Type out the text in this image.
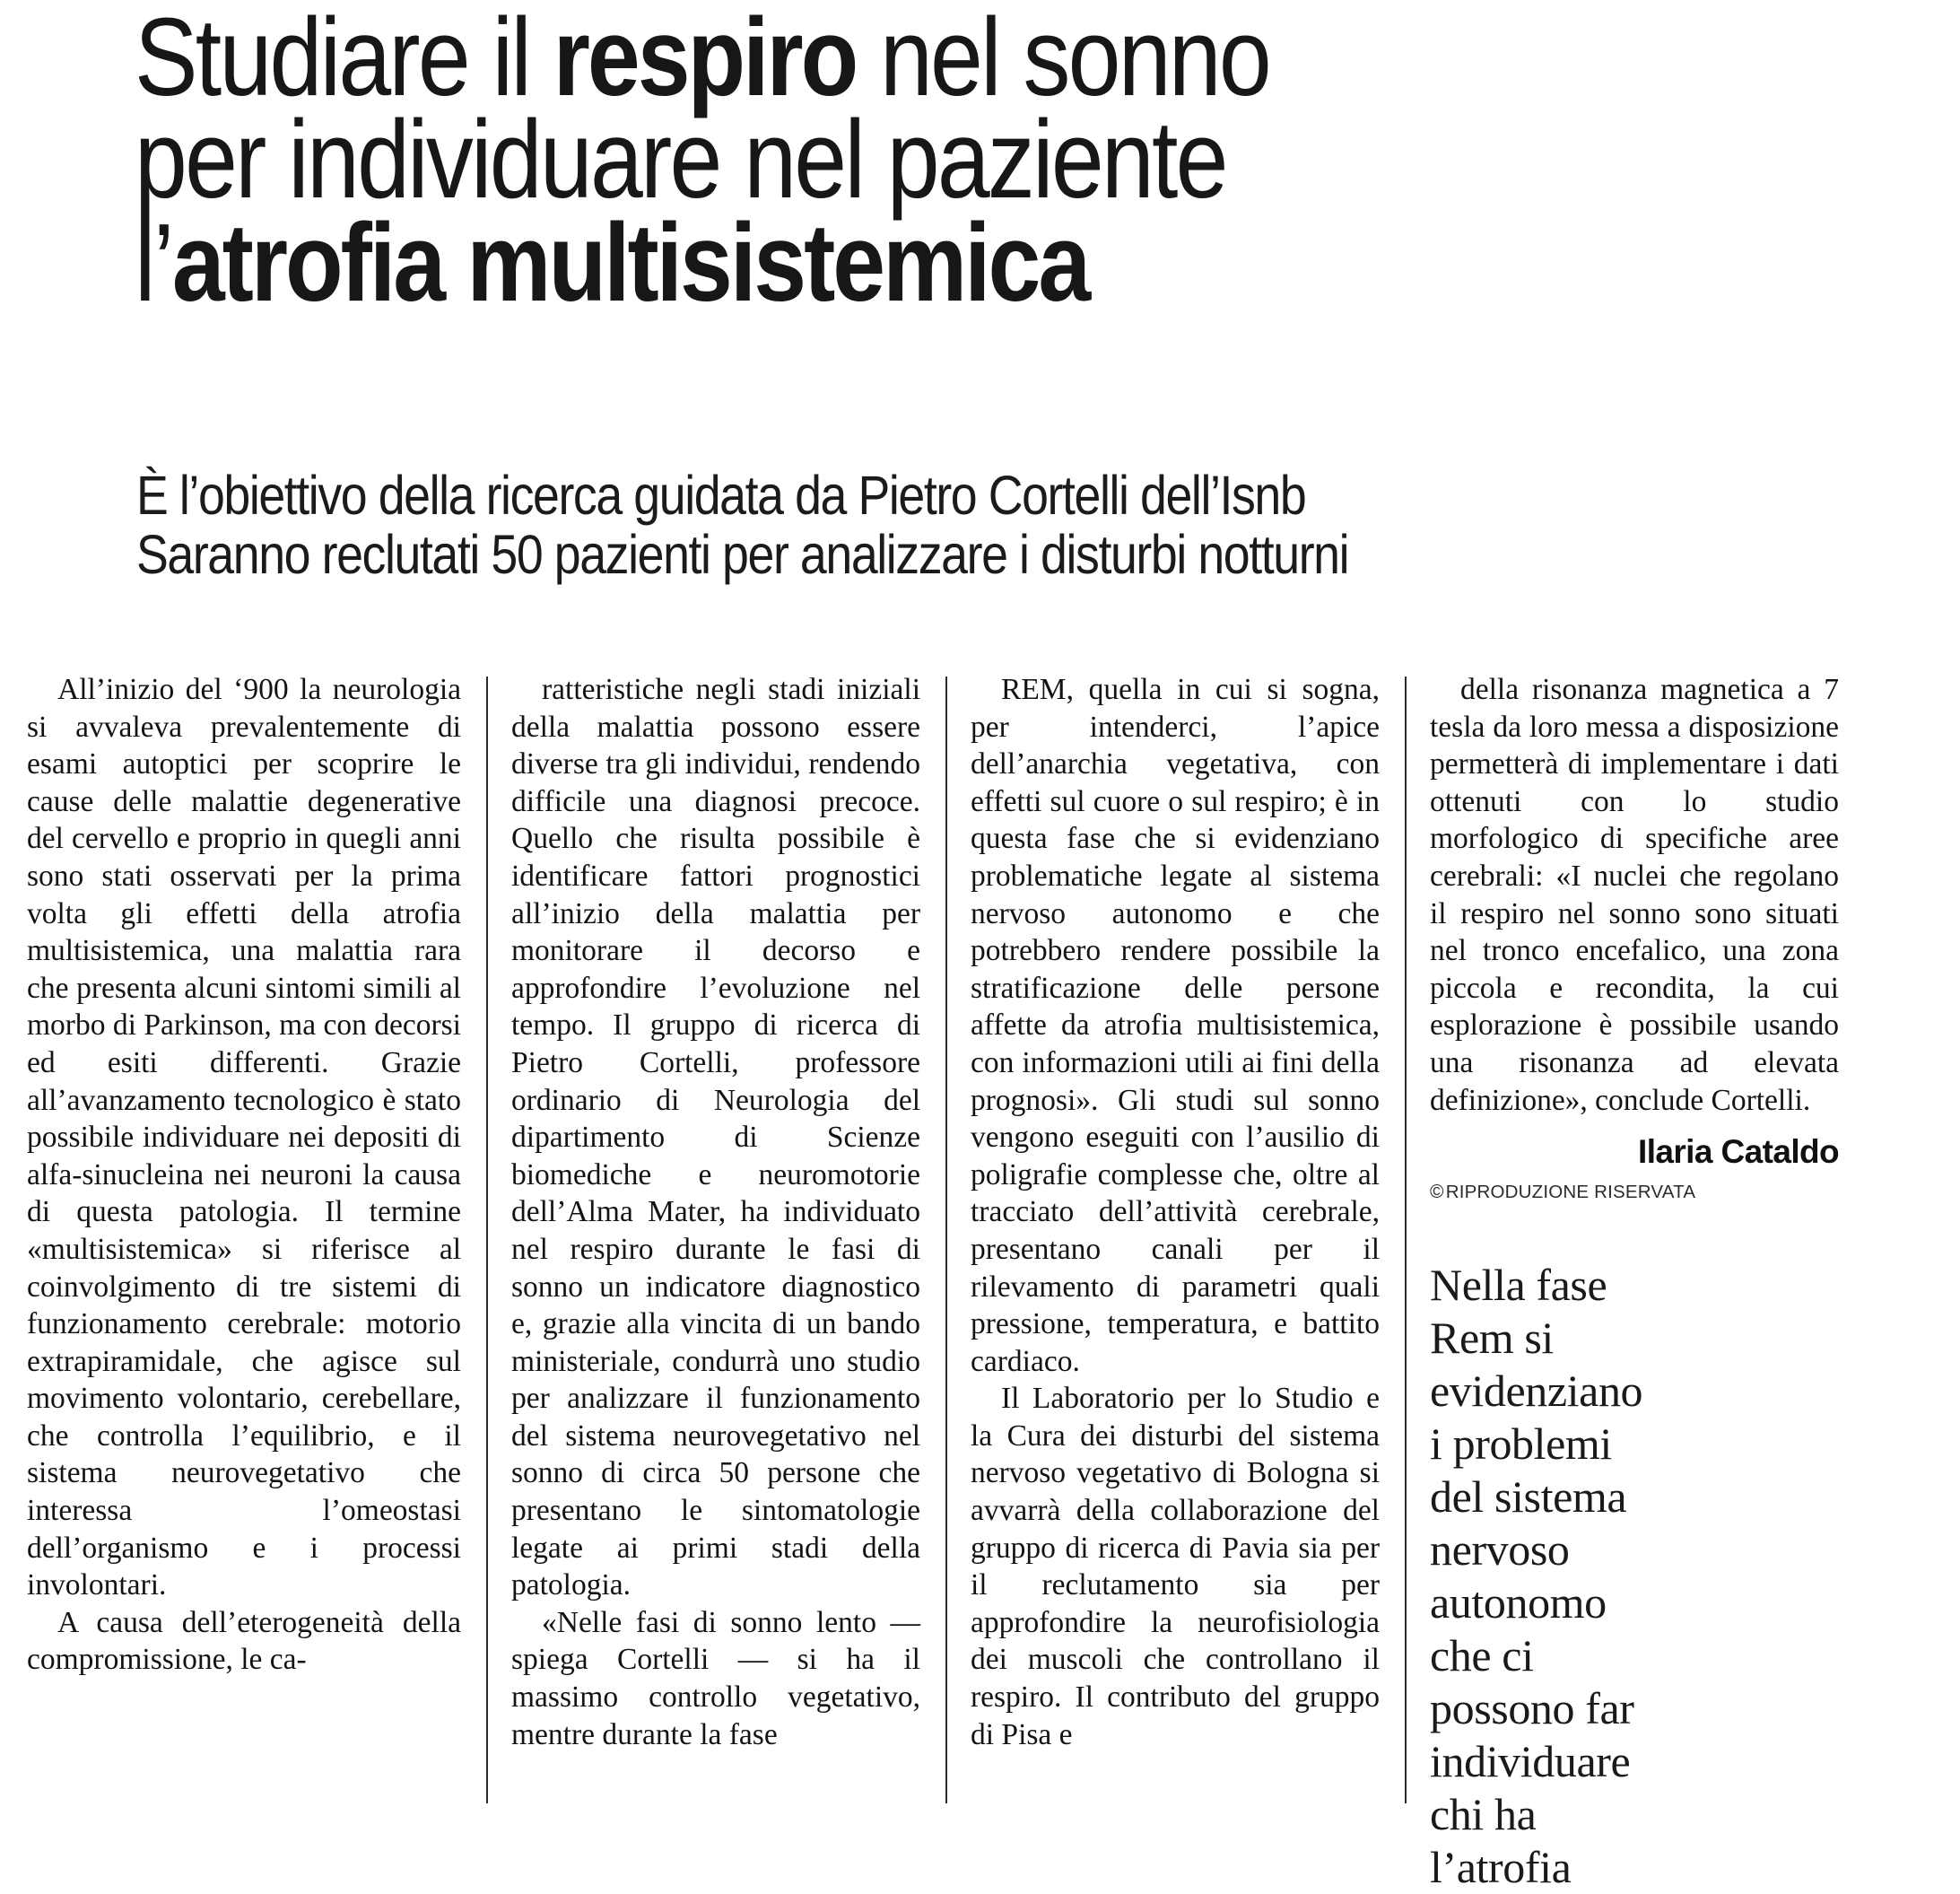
Studiare il respiro nel sonno
per individuare nel paziente
l’atrofia multisistemica
È l’obiettivo della ricerca guidata da Pietro Cortelli dell’Isnb
Saranno reclutati 50 pazienti per analizzare i disturbi notturni

All’inizio del ‘900 la neurologia si avvaleva prevalentemente di esami autoptici per scoprire le cause delle malattie degenerative del cervello e proprio in quegli anni sono stati osservati per la prima volta gli effetti della atrofia multisistemica, una malattia rara che presenta alcuni sintomi simili al morbo di Parkinson, ma con decorsi ed esiti differenti. Grazie all’avanzamento tecnologico è stato possibile individuare nei depositi di alfa-sinucleina nei neuroni la causa di questa patologia. Il termine «multisistemica» si riferisce al coinvolgimento di tre sistemi di funzionamento cerebrale: motorio extrapiramidale, che agisce sul movimento volontario, cerebellare, che controlla l’equilibrio, e il sistema neurovegetativo che interessa l’omeostasi dell’organismo e i processi involontari.

A causa dell’eterogeneità della compromissione, le ca-

ratteristiche negli stadi iniziali della malattia possono essere diverse tra gli individui, rendendo difficile una diagnosi precoce. Quello che risulta possibile è identificare fattori prognostici all’inizio della malattia per monitorare il decorso e approfondire l’evoluzione nel tempo. Il gruppo di ricerca di Pietro Cortelli, professore ordinario di Neurologia del dipartimento di Scienze biomediche e neuromotorie dell’Alma Mater, ha individuato nel respiro durante le fasi di sonno un indicatore diagnostico e, grazie alla vincita di un bando ministeriale, condurrà uno studio per analizzare il funzionamento del sistema neurovegetativo nel sonno di circa 50 persone che presentano le sintomatologie legate ai primi stadi della patologia.

«Nelle fasi di sonno lento — spiega Cortelli — si ha il massimo controllo vegetativo, mentre durante la fase

REM, quella in cui si sogna, per intenderci, l’apice dell’anarchia vegetativa, con effetti sul cuore o sul respiro; è in questa fase che si evidenziano problematiche legate al sistema nervoso autonomo e che potrebbero rendere possibile la stratificazione delle persone affette da atrofia multisistemica, con informazioni utili ai fini della prognosi». Gli studi sul sonno vengono eseguiti con l’ausilio di poligrafie complesse che, oltre al tracciato dell’attività cerebrale, presentano canali per il rilevamento di parametri quali pressione, temperatura, e battito cardiaco.

Il Laboratorio per lo Studio e la Cura dei disturbi del sistema nervoso vegetativo di Bologna si avvarrà della collaborazione del gruppo di ricerca di Pavia sia per il reclutamento sia per approfondire la neurofisiologia dei muscoli che controllano il respiro. Il contributo del gruppo di Pisa e

della risonanza magnetica a 7 tesla da loro messa a disposizione permetterà di implementare i dati ottenuti con lo studio morfologico di specifiche aree cerebrali: «I nuclei che regolano il respiro nel sonno sono situati nel tronco encefalico, una zona piccola e recondita, la cui esplorazione è possibile usando una risonanza ad elevata definizione», conclude Cortelli.

Ilaria Cataldo
©RIPRODUZIONE RISERVATA
Nella fase
Rem si
evidenziano
i problemi
del sistema
nervoso
autonomo
che ci
possono far
individuare
chi ha
l’atrofia
